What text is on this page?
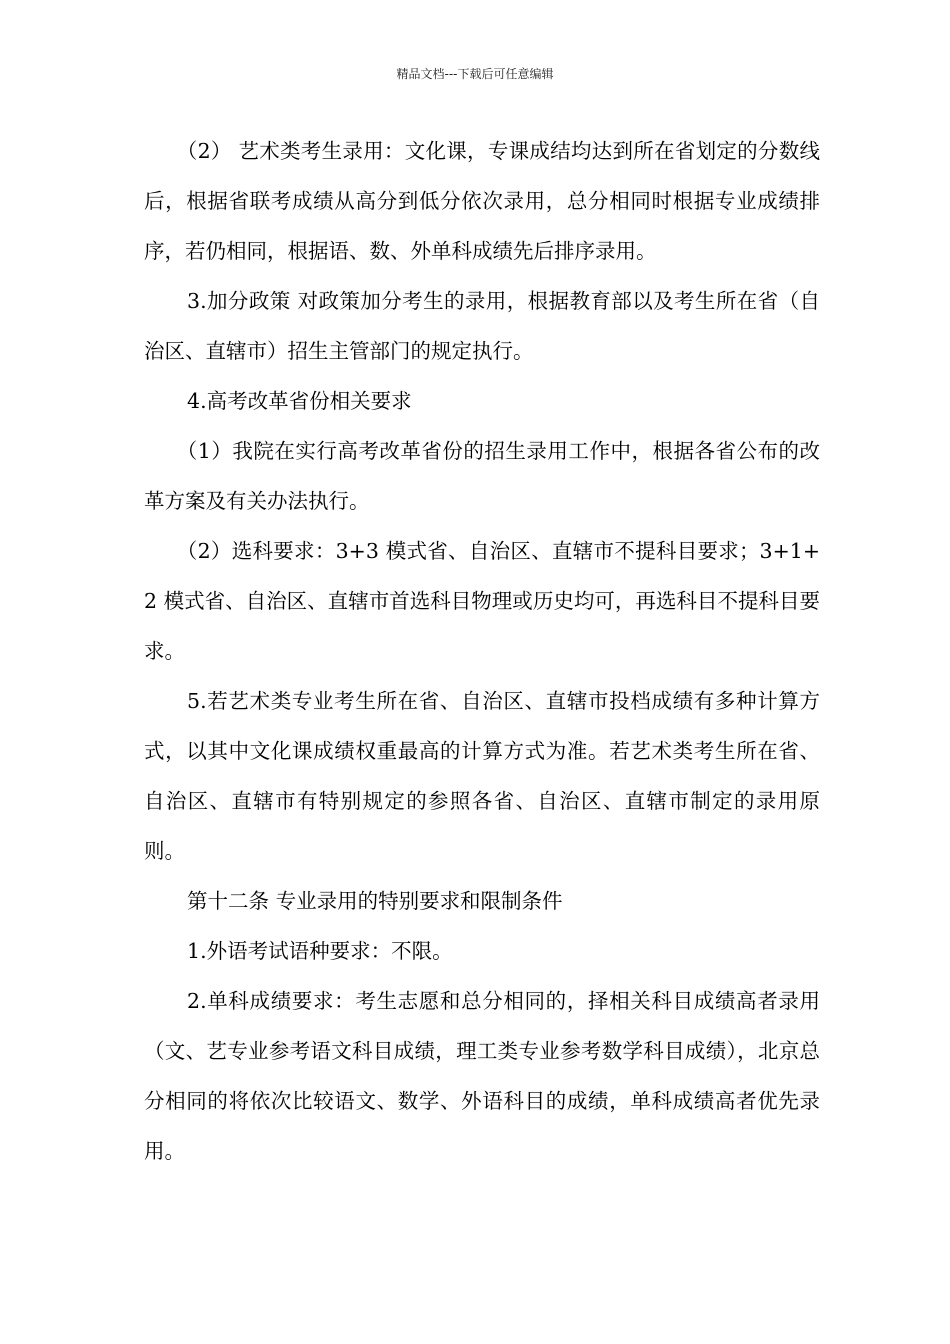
精品文档---下载后可任意编辑

（2） 艺术类考生录用：文化课，专课成结均达到所在省划定的分数线后，根据省联考成绩从高分到低分依次录用，总分相同时根据专业成绩排序，若仍相同，根据语、数、外单科成绩先后排序录用。

3.加分政策 对政策加分考生的录用，根据教育部以及考生所在省（自治区、直辖市）招生主管部门的规定执行。

4.高考改革省份相关要求

（1）我院在实行高考改革省份的招生录用工作中，根据各省公布的改革方案及有关办法执行。

（2）选科要求：3+3 模式省、自治区、直辖市不提科目要求；3+1+2 模式省、自治区、直辖市首选科目物理或历史均可，再选科目不提科目要求。

5.若艺术类专业考生所在省、自治区、直辖市投档成绩有多种计算方式，以其中文化课成绩权重最高的计算方式为准。若艺术类考生所在省、自治区、直辖市有特别规定的参照各省、自治区、直辖市制定的录用原则。

第十二条 专业录用的特别要求和限制条件

1.外语考试语种要求：不限。

2.单科成绩要求：考生志愿和总分相同的，择相关科目成绩高者录用（文、艺专业参考语文科目成绩，理工类专业参考数学科目成绩），北京总分相同的将依次比较语文、数学、外语科目的成绩，单科成绩高者优先录用。
